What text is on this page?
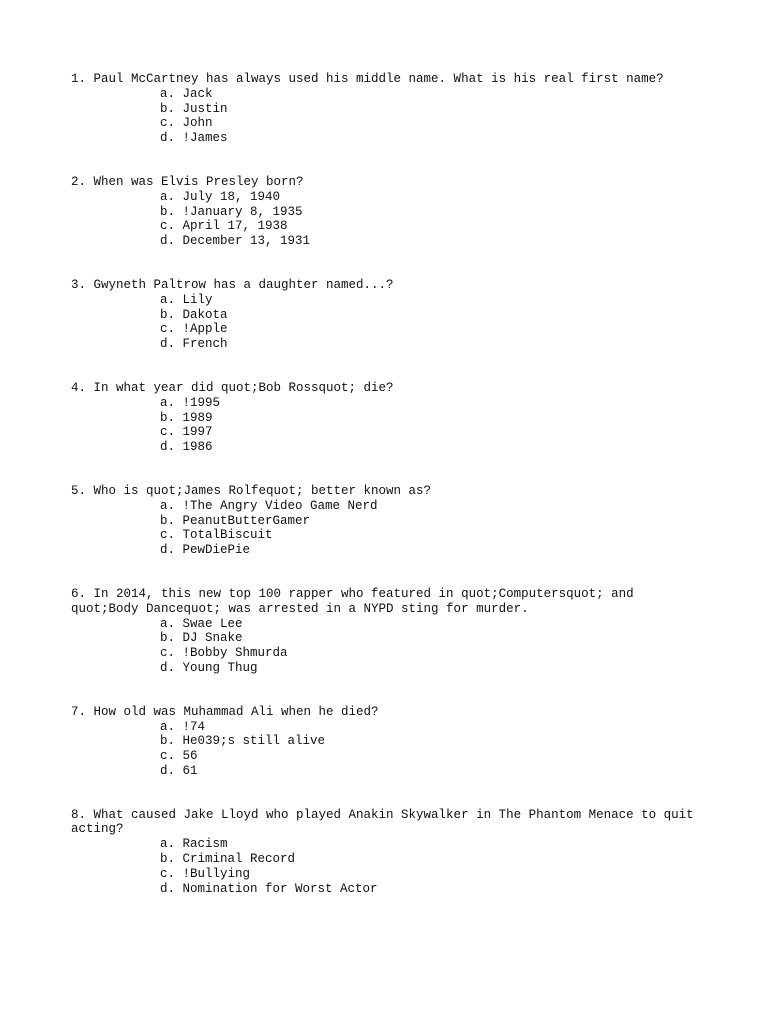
1. Paul McCartney has always used his middle name. What is his real first name?

a. Jack
b. Justin
c. John
d. !James

2. When was Elvis Presley born?

a. July 18, 1940
b. !January 8, 1935
c. April 17, 1938
d. December 13, 1931

3. Gwyneth Paltrow has a daughter named...?

a. Lily
b. Dakota
c. !Apple
d. French

4. In what year did quot;Bob Rossquot; die?

a. !1995
b. 1989
c. 1997
d. 1986

5. Who is quot;James Rolfequot; better known as?

a. !The Angry Video Game Nerd
b. PeanutButterGamer
c. TotalBiscuit
d. PewDiePie

6. In 2014, this new top 100 rapper who featured in quot;Computersquot; and quot;Body Dancequot; was arrested in a NYPD sting for murder.

a. Swae Lee
b. DJ Snake
c. !Bobby Shmurda
d. Young Thug

7. How old was Muhammad Ali when he died?

a. !74
b. He039;s still alive
c. 56
d. 61

8. What caused Jake Lloyd who played Anakin Skywalker in The Phantom Menace to quit acting?

a. Racism
b. Criminal Record
c. !Bullying
d. Nomination for Worst Actor
